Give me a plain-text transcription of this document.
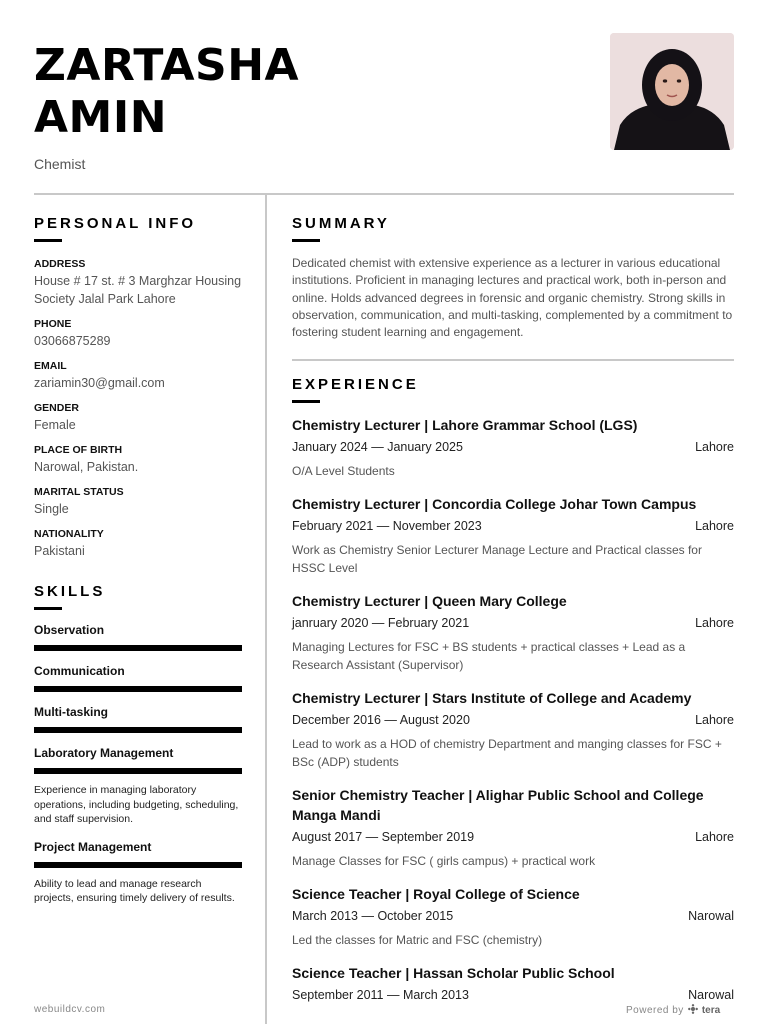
ZARTASHA
AMIN
Chemist
PERSONAL INFO
ADDRESS
House # 17 st. # 3 Marghzar Housing Society Jalal Park Lahore
PHONE
03066875289
EMAIL
zariamin30@gmail.com
GENDER
Female
PLACE OF BIRTH
Narowal, Pakistan.
MARITAL STATUS
Single
NATIONALITY
Pakistani
SKILLS
Observation
Communication
Multi-tasking
Laboratory Management
Experience in managing laboratory operations, including budgeting, scheduling, and staff supervision.
Project Management
Ability to lead and manage research projects, ensuring timely delivery of results.
SUMMARY
Dedicated chemist with extensive experience as a lecturer in various educational institutions. Proficient in managing lectures and practical work, both in-person and online. Holds advanced degrees in forensic and organic chemistry. Strong skills in observation, communication, and multi-tasking, complemented by a commitment to fostering student learning and engagement.
EXPERIENCE
Chemistry Lecturer | Lahore Grammar School (LGS)
January 2024 — January 2025	Lahore
O/A Level Students
Chemistry Lecturer | Concordia College Johar Town Campus
February 2021 — November 2023	Lahore
Work as Chemistry Senior Lecturer Manage Lecture and Practical classes for HSSC Level
Chemistry Lecturer | Queen Mary College
janruary 2020 — February 2021	Lahore
Managing Lectures for FSC + BS students + practical classes + Lead as a Research Assistant (Supervisor)
Chemistry Lecturer | Stars Institute of College and Academy
December 2016 — August 2020	Lahore
Lead to work as a HOD of chemistry Department and manging classes for FSC + BSc (ADP) students
Senior Chemistry Teacher | Alighar Public School and College Manga Mandi
August 2017 — September 2019	Lahore
Manage Classes for FSC ( girls campus) + practical work
Science Teacher | Royal College of Science
March 2013 — October 2015	Narowal
Led the classes for Matric and FSC (chemistry)
Science Teacher | Hassan Scholar Public School
September 2011 — March 2013	Narowal
webuildcv.com	Powered by tera
